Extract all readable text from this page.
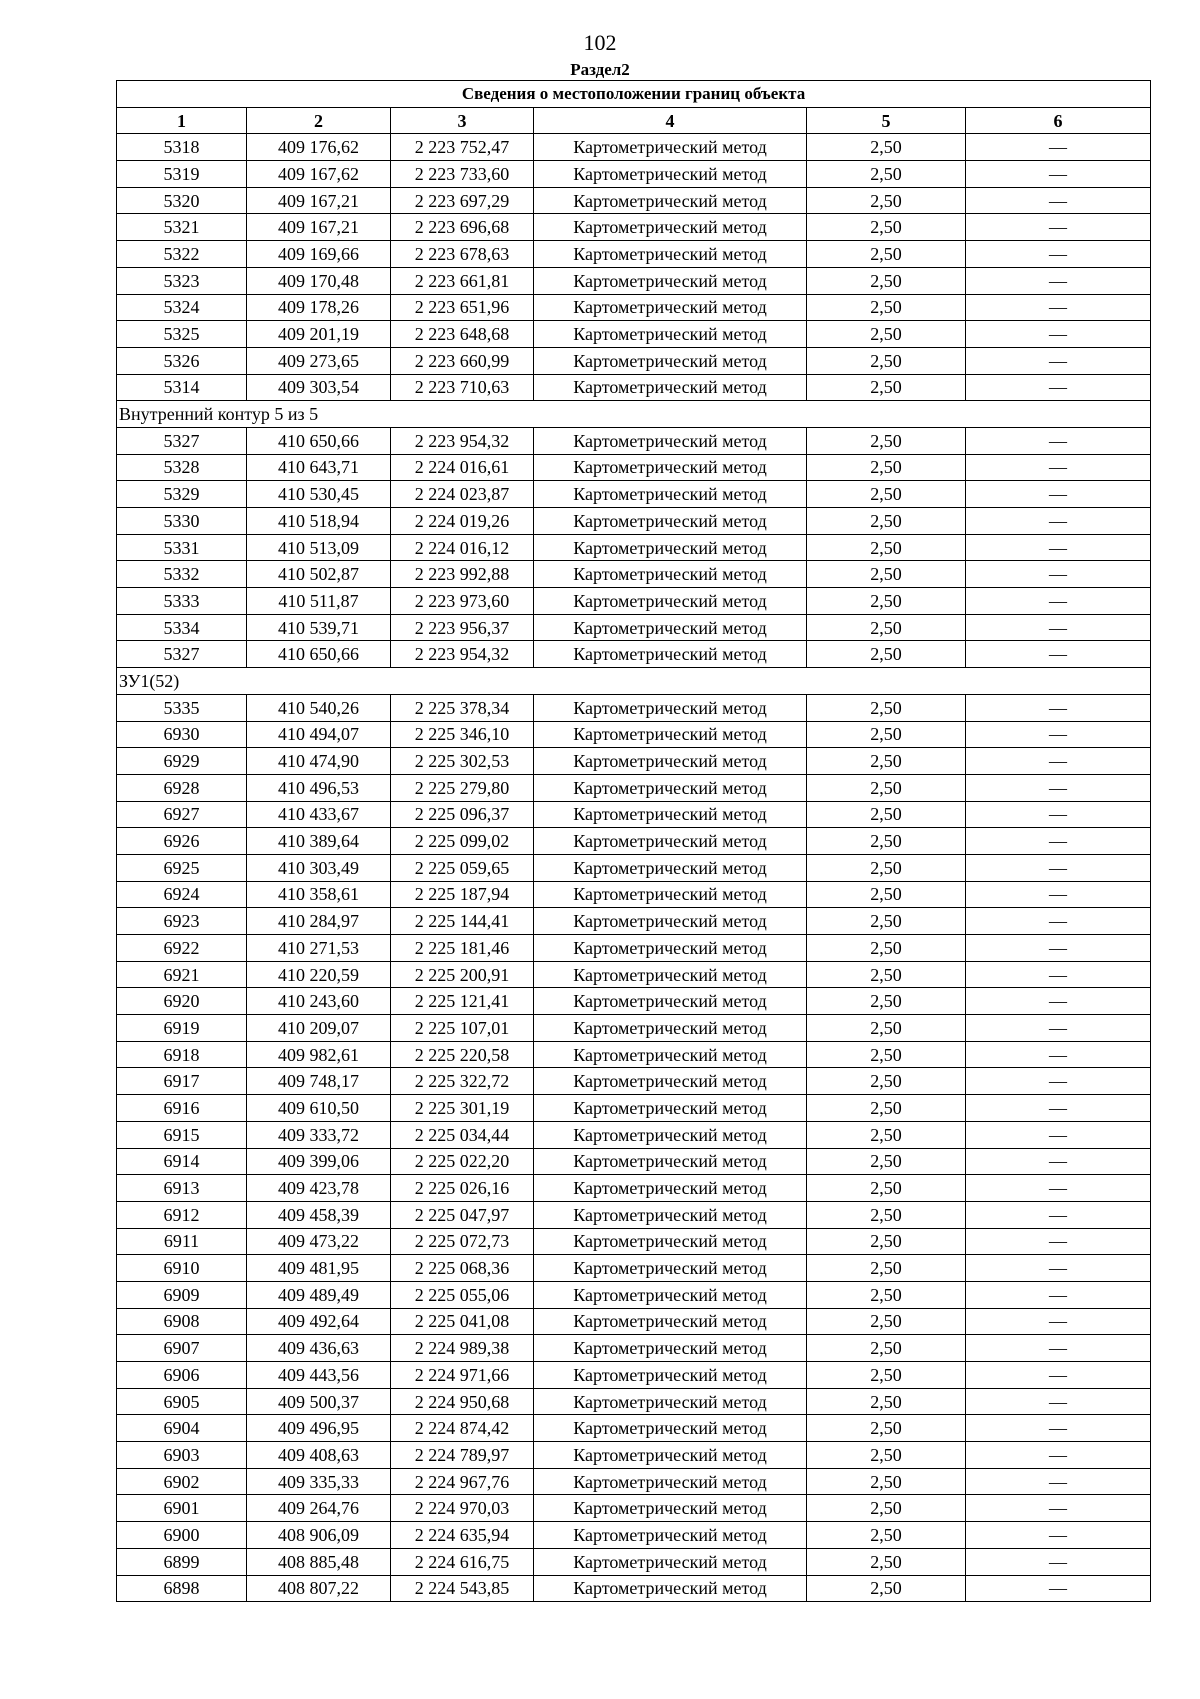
102
Раздел2
Сведения о местоположении границ объекта					
1	2	3	4	5	6
5318	409 176,62	2 223 752,47	Картометрический метод	2,50	—
5319	409 167,62	2 223 733,60	Картометрический метод	2,50	—
5320	409 167,21	2 223 697,29	Картометрический метод	2,50	—
5321	409 167,21	2 223 696,68	Картометрический метод	2,50	—
5322	409 169,66	2 223 678,63	Картометрический метод	2,50	—
5323	409 170,48	2 223 661,81	Картометрический метод	2,50	—
5324	409 178,26	2 223 651,96	Картометрический метод	2,50	—
5325	409 201,19	2 223 648,68	Картометрический метод	2,50	—
5326	409 273,65	2 223 660,99	Картометрический метод	2,50	—
5314	409 303,54	2 223 710,63	Картометрический метод	2,50	—
Внутренний контур 5 из 5					
5327	410 650,66	2 223 954,32	Картометрический метод	2,50	—
5328	410 643,71	2 224 016,61	Картометрический метод	2,50	—
5329	410 530,45	2 224 023,87	Картометрический метод	2,50	—
5330	410 518,94	2 224 019,26	Картометрический метод	2,50	—
5331	410 513,09	2 224 016,12	Картометрический метод	2,50	—
5332	410 502,87	2 223 992,88	Картометрический метод	2,50	—
5333	410 511,87	2 223 973,60	Картометрический метод	2,50	—
5334	410 539,71	2 223 956,37	Картометрический метод	2,50	—
5327	410 650,66	2 223 954,32	Картометрический метод	2,50	—
ЗУ1(52)					
5335	410 540,26	2 225 378,34	Картометрический метод	2,50	—
6930	410 494,07	2 225 346,10	Картометрический метод	2,50	—
6929	410 474,90	2 225 302,53	Картометрический метод	2,50	—
6928	410 496,53	2 225 279,80	Картометрический метод	2,50	—
6927	410 433,67	2 225 096,37	Картометрический метод	2,50	—
6926	410 389,64	2 225 099,02	Картометрический метод	2,50	—
6925	410 303,49	2 225 059,65	Картометрический метод	2,50	—
6924	410 358,61	2 225 187,94	Картометрический метод	2,50	—
6923	410 284,97	2 225 144,41	Картометрический метод	2,50	—
6922	410 271,53	2 225 181,46	Картометрический метод	2,50	—
6921	410 220,59	2 225 200,91	Картометрический метод	2,50	—
6920	410 243,60	2 225 121,41	Картометрический метод	2,50	—
6919	410 209,07	2 225 107,01	Картометрический метод	2,50	—
6918	409 982,61	2 225 220,58	Картометрический метод	2,50	—
6917	409 748,17	2 225 322,72	Картометрический метод	2,50	—
6916	409 610,50	2 225 301,19	Картометрический метод	2,50	—
6915	409 333,72	2 225 034,44	Картометрический метод	2,50	—
6914	409 399,06	2 225 022,20	Картометрический метод	2,50	—
6913	409 423,78	2 225 026,16	Картометрический метод	2,50	—
6912	409 458,39	2 225 047,97	Картометрический метод	2,50	—
6911	409 473,22	2 225 072,73	Картометрический метод	2,50	—
6910	409 481,95	2 225 068,36	Картометрический метод	2,50	—
6909	409 489,49	2 225 055,06	Картометрический метод	2,50	—
6908	409 492,64	2 225 041,08	Картометрический метод	2,50	—
6907	409 436,63	2 224 989,38	Картометрический метод	2,50	—
6906	409 443,56	2 224 971,66	Картометрический метод	2,50	—
6905	409 500,37	2 224 950,68	Картометрический метод	2,50	—
6904	409 496,95	2 224 874,42	Картометрический метод	2,50	—
6903	409 408,63	2 224 789,97	Картометрический метод	2,50	—
6902	409 335,33	2 224 967,76	Картометрический метод	2,50	—
6901	409 264,76	2 224 970,03	Картометрический метод	2,50	—
6900	408 906,09	2 224 635,94	Картометрический метод	2,50	—
6899	408 885,48	2 224 616,75	Картометрический метод	2,50	—
6898	408 807,22	2 224 543,85	Картометрический метод	2,50	—
